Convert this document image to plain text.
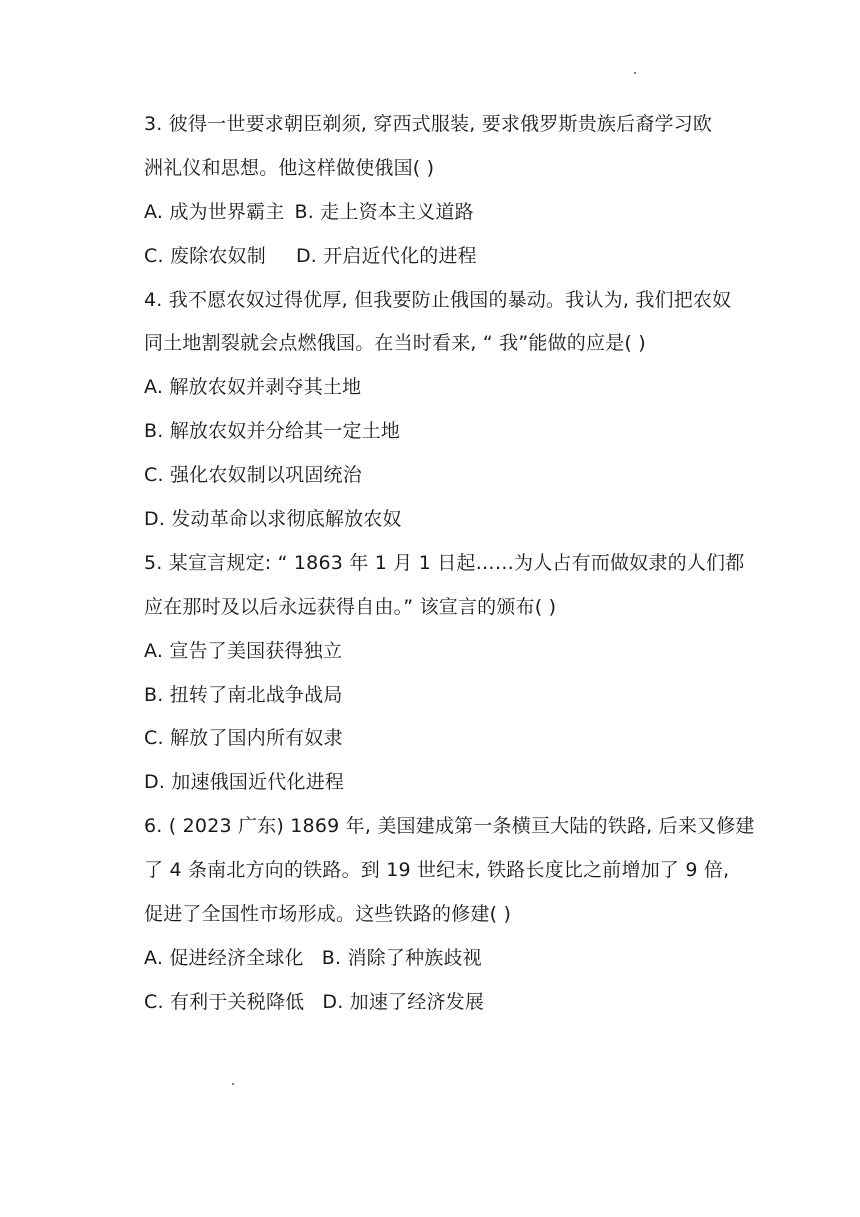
3. 彼得一世要求朝臣剃须, 穿西式服装, 要求俄罗斯贵族后裔学习欧
洲礼仪和思想。他这样做使俄国( )
A. 成为世界霸主 B. 走上资本主义道路
C. 废除农奴制 D. 开启近代化的进程
4. 我不愿农奴过得优厚, 但我要防止俄国的暴动。我认为, 我们把农奴
同土地割裂就会点燃俄国。在当时看来, “ 我”能做的应是( )
A. 解放农奴并剥夺其土地
B. 解放农奴并分给其一定土地
C. 强化农奴制以巩固统治
D. 发动革命以求彻底解放农奴
5. 某宣言规定: “ 1863 年 1 月 1 日起……为人占有而做奴隶的人们都
应在那时及以后永远获得自由。” 该宣言的颁布( )
A. 宣告了美国获得独立
B. 扭转了南北战争战局
C. 解放了国内所有奴隶
D. 加速俄国近代化进程
6. ( 2023 广东) 1869 年, 美国建成第一条横亘大陆的铁路, 后来又修建
了 4 条南北方向的铁路。到 19 世纪末, 铁路长度比之前增加了 9 倍,
促进了全国性市场形成。这些铁路的修建( )
A. 促进经济全球化 B. 消除了种族歧视
C. 有利于关税降低 D. 加速了经济发展
